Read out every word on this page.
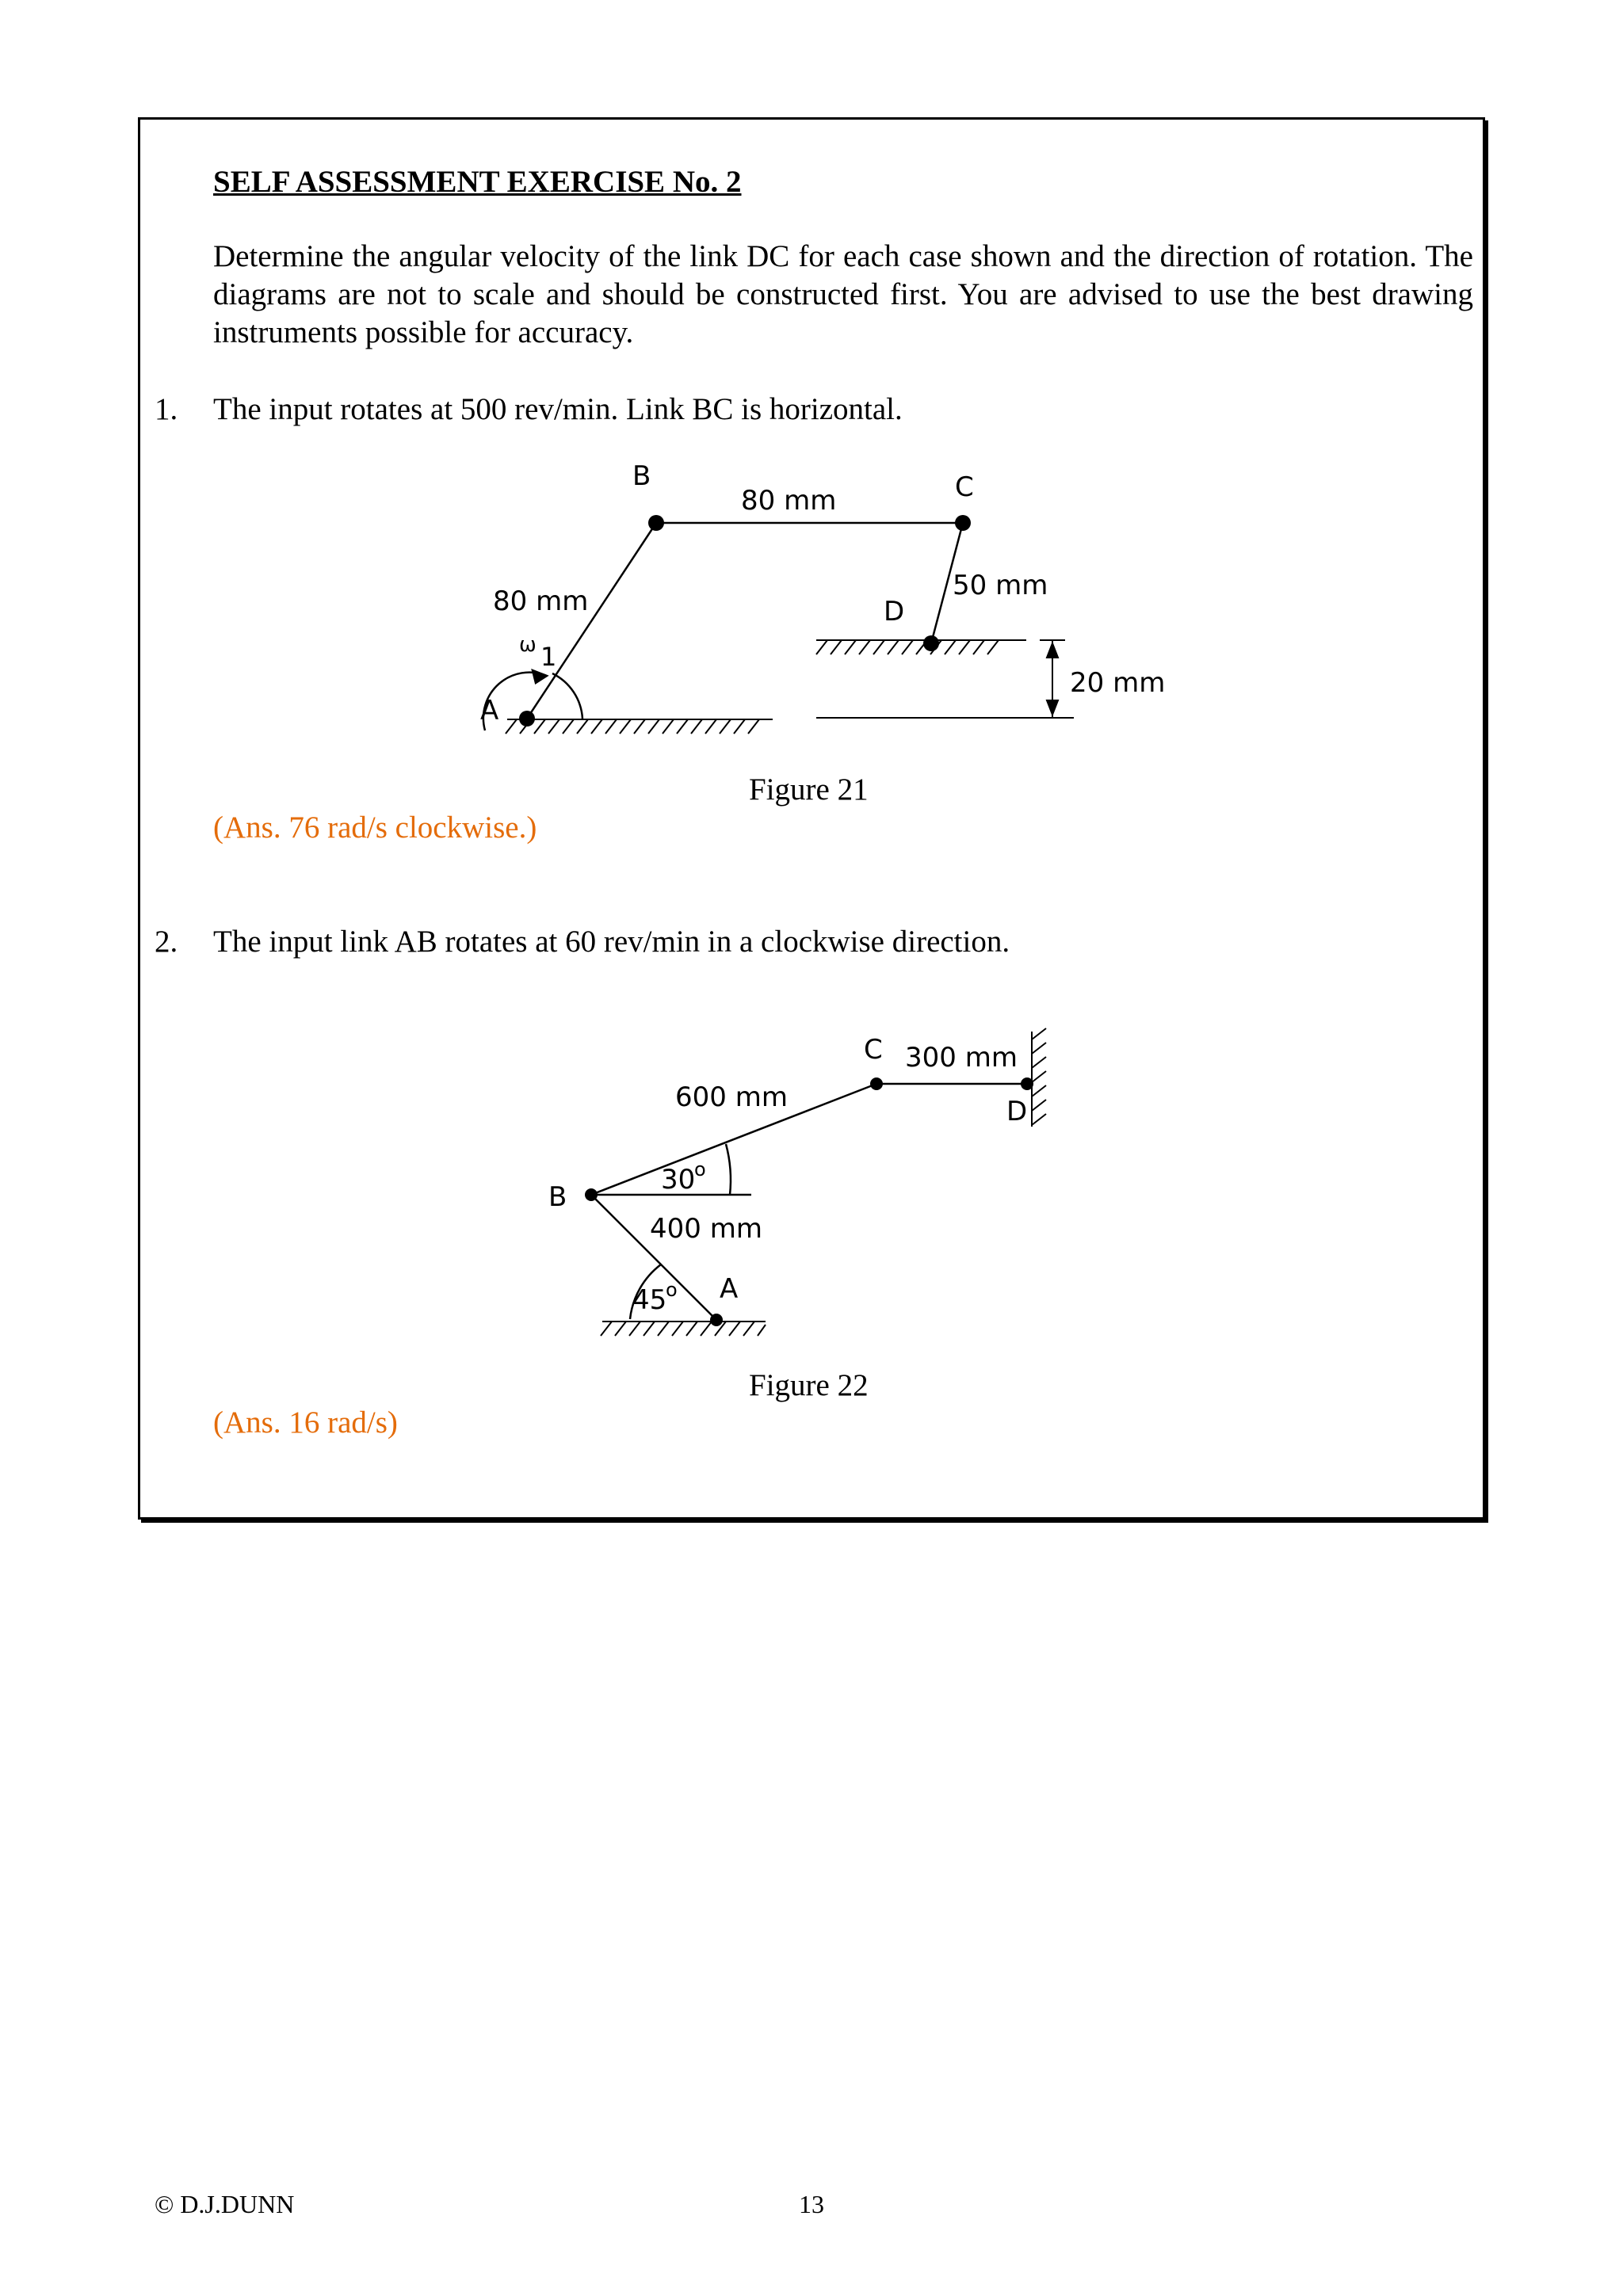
SELF ASSESSMENT EXERCISE No. 2
Determine the angular velocity of the link DC for each case shown and the direction of rotation. The diagrams are not to scale and should be constructed first. You are advised to use the best drawing instruments possible for accuracy.
1. The input rotates at 500 rev/min. Link BC is horizontal.
A
B	C
D
80 mm
80 mm	50 mm
20 mm
ω 1
Figure 21
(Ans. 76 rad/s clockwise.)
2. The input link AB rotates at 60 rev/min in a clockwise direction.
B
C
D
A
600 mm
300 mm
400 mm
30
o
45
o
Figure 22
(Ans. 16 rad/s)
© D.J.DUNN	13
